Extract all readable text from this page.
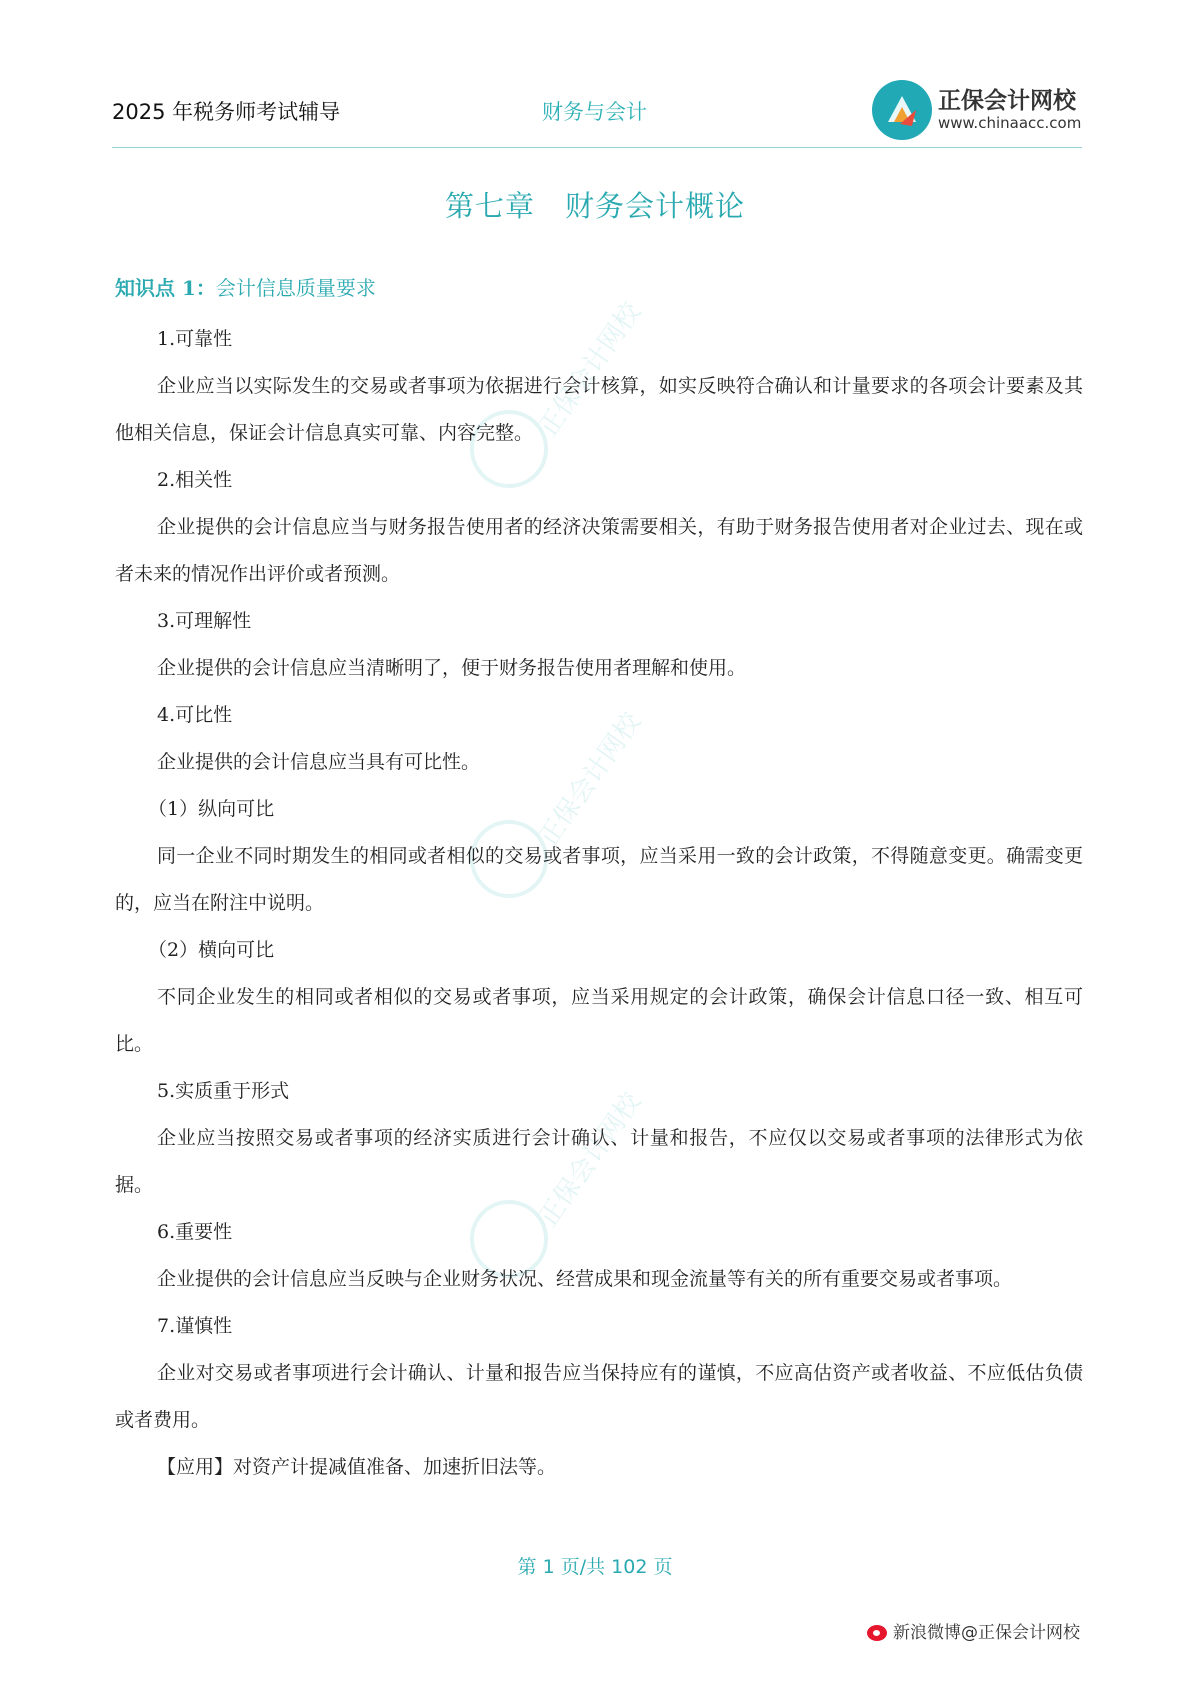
正保会计网校
正保会计网校
正保会计网校
2025 年税务师考试辅导	财务与会计	正保会计网校
www.chinaacc.com
第七章　财务会计概论
知识点 1：会计信息质量要求
1.可靠性
企业应当以实际发生的交易或者事项为依据进行会计核算，如实反映符合确认和计量要求的各项会计要素及其他相关信息，保证会计信息真实可靠、内容完整。
2.相关性
企业提供的会计信息应当与财务报告使用者的经济决策需要相关，有助于财务报告使用者对企业过去、现在或者未来的情况作出评价或者预测。
3.可理解性
企业提供的会计信息应当清晰明了，便于财务报告使用者理解和使用。
4.可比性
企业提供的会计信息应当具有可比性。
（1）纵向可比
同一企业不同时期发生的相同或者相似的交易或者事项，应当采用一致的会计政策，不得随意变更。确需变更的，应当在附注中说明。
（2）横向可比
不同企业发生的相同或者相似的交易或者事项，应当采用规定的会计政策，确保会计信息口径一致、相互可比。
5.实质重于形式
企业应当按照交易或者事项的经济实质进行会计确认、计量和报告，不应仅以交易或者事项的法律形式为依据。
6.重要性
企业提供的会计信息应当反映与企业财务状况、经营成果和现金流量等有关的所有重要交易或者事项。
7.谨慎性
企业对交易或者事项进行会计确认、计量和报告应当保持应有的谨慎，不应高估资产或者收益、不应低估负债或者费用。
【应用】对资产计提减值准备、加速折旧法等。
第 1 页/共 102 页
新浪微博@正保会计网校
